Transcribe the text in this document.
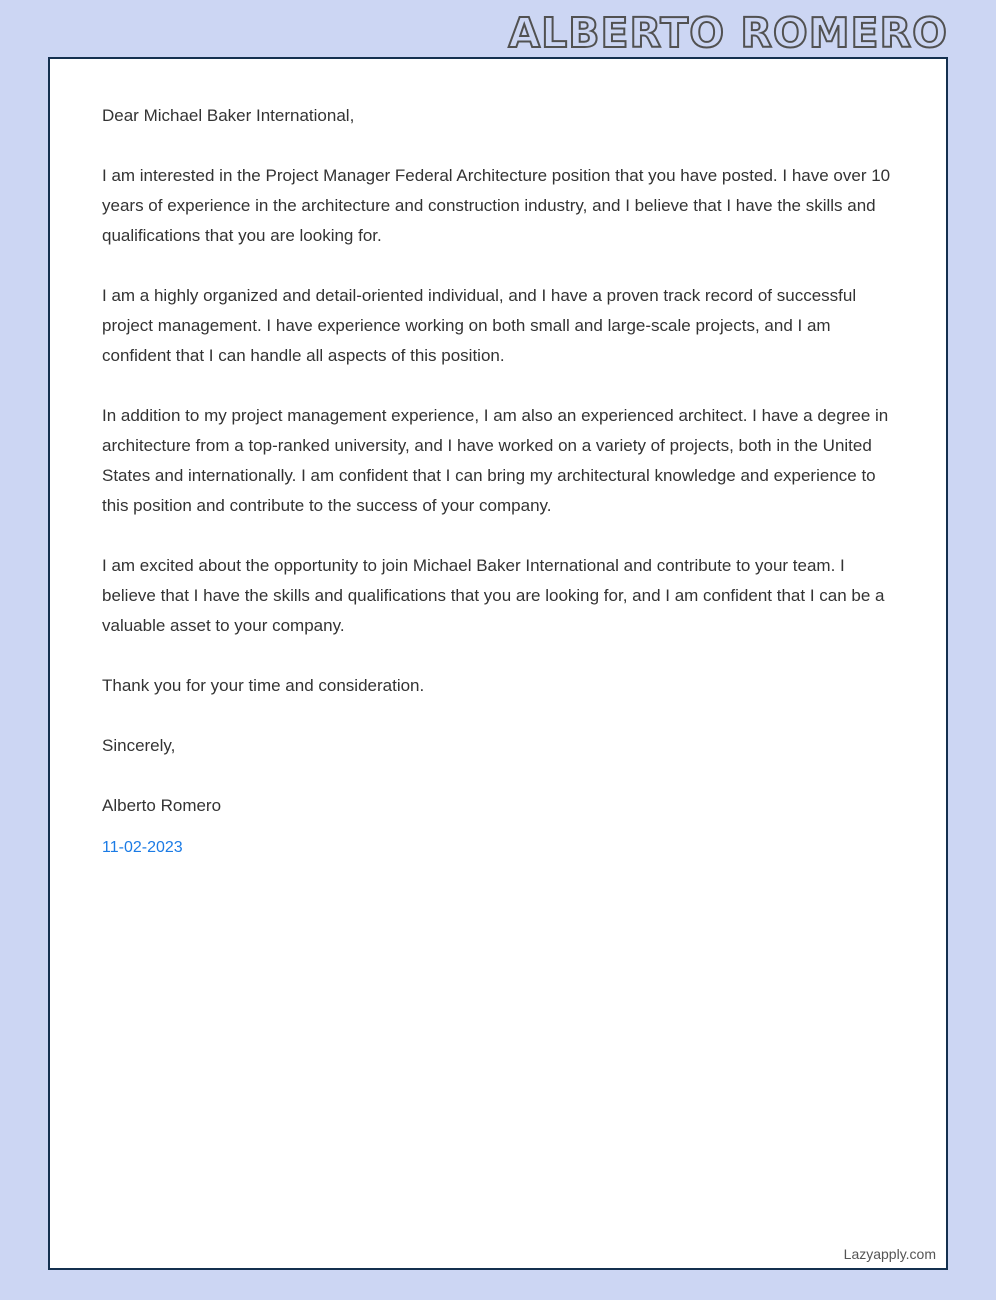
ALBERTO ROMERO

Dear Michael Baker International,

I am interested in the Project Manager Federal Architecture position that you have posted. I have over 10 years of experience in the architecture and construction industry, and I believe that I have the skills and qualifications that you are looking for.

I am a highly organized and detail-oriented individual, and I have a proven track record of successful project management. I have experience working on both small and large-scale projects, and I am confident that I can handle all aspects of this position.

In addition to my project management experience, I am also an experienced architect. I have a degree in architecture from a top-ranked university, and I have worked on a variety of projects, both in the United States and internationally. I am confident that I can bring my architectural knowledge and experience to this position and contribute to the success of your company.

I am excited about the opportunity to join Michael Baker International and contribute to your team. I believe that I have the skills and qualifications that you are looking for, and I am confident that I can be a valuable asset to your company.

Thank you for your time and consideration.

Sincerely,

Alberto Romero

11-02-2023

Lazyapply.com
